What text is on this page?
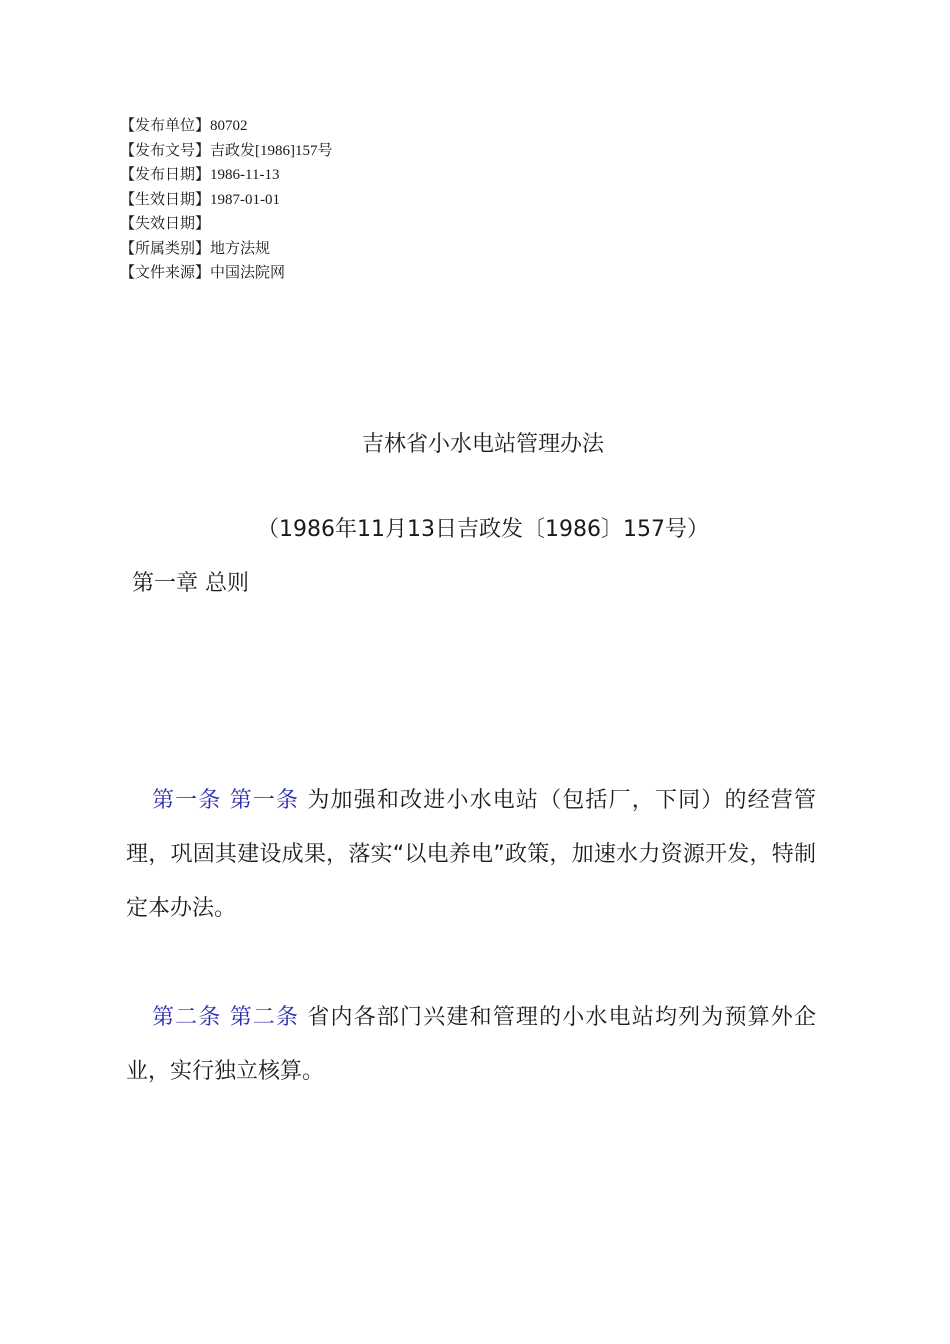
【发布单位】80702
【发布文号】吉政发[1986]157号
【发布日期】1986-11-13
【生效日期】1987-01-01
【失效日期】
【所属类别】地方法规
【文件来源】中国法院网
吉林省小水电站管理办法
（1986年11月13日吉政发〔1986〕157号）
第一章 总则
第一条 第一条 为加强和改进小水电站（包括厂，下同）的经营管理，巩固其建设成果，落实“以电养电”政策，加速水力资源开发，特制定本办法。
第二条 第二条 省内各部门兴建和管理的小水电站均列为预算外企业，实行独立核算。
